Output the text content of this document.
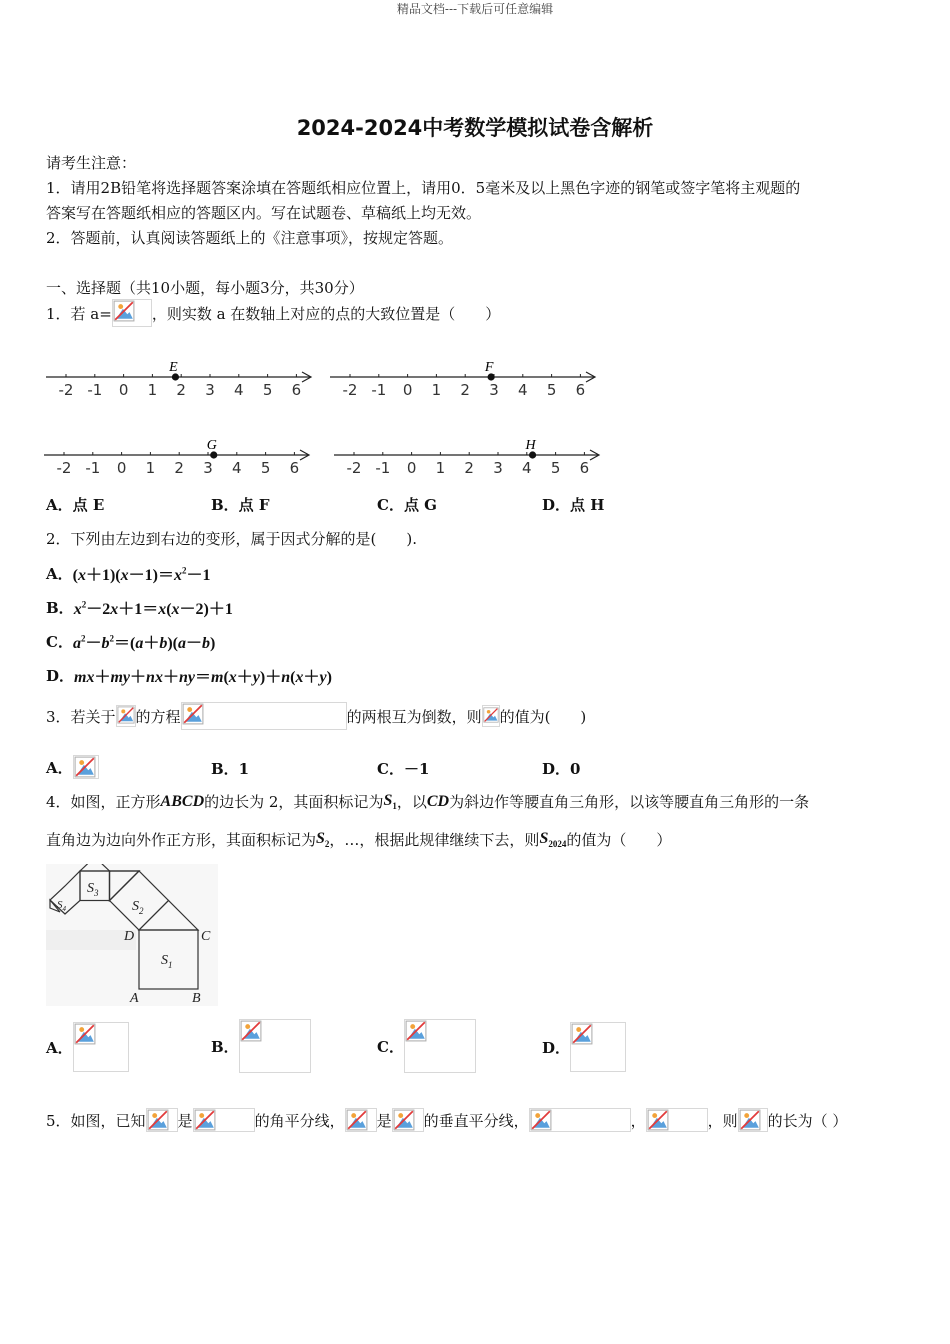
精品文档---下载后可任意编辑
2024-2024中考数学模拟试卷含解析
请考生注意：
1．请用2B铅笔将选择题答案涂填在答题纸相应位置上，请用0．5毫米及以上黑色字迹的钢笔或签字笔将主观题的
答案写在答题纸相应的答题区内。写在试题卷、草稿纸上均无效。
2．答题前，认真阅读答题纸上的《注意事项》，按规定答题。
一、选择题（共10小题，每小题3分，共30分）
1．若 a=	，则实数 a 在数轴上对应的点的大致位置是（　　）
-2 -1 0 1 2 3 4 5 6
E
-2 -1 0 1 2 3 4 5 6
F
-2 -1 0 1 2 3 4 5 6
G
-2 -1 0 1 2 3 4 5 6
H
A．点 E	B．点 F	C．点 G	D．点 H
2．下列由左边到右边的变形，属于因式分解的是(　　).
A． $(x+1)(x-1)=x^2-1$
B． $x^2-2x+1=x(x-2)+1$
C． $a^2-b^2=(a+b)(a-b)$
D． mx＋my＋nx＋ny＝m(x＋y)＋n(x＋y)
3．若关于 的方程	的两根互为倒数，则 的值为(　　)
A．	B．1	C．－1	D．0
4．如图，正方形 ABCD 的边长为 2，其面积标记为 $S_1$ ，以 CD 为斜边作等腰直角三角形，以该等腰直角三角形的一条
直角边为边向外作正方形，其面积标记为 $S_2$ ，…，根据此规律继续下去，则 $S_{2024}$ 的值为（　　）
$S_1$
$S_2$
$S_3$
$S_4$
D	C
A	B
A．	B．	C．	D．
5．如图，已知 是	的角平分线， 是 的垂直平分线，	，	，则 的长为（ ）
